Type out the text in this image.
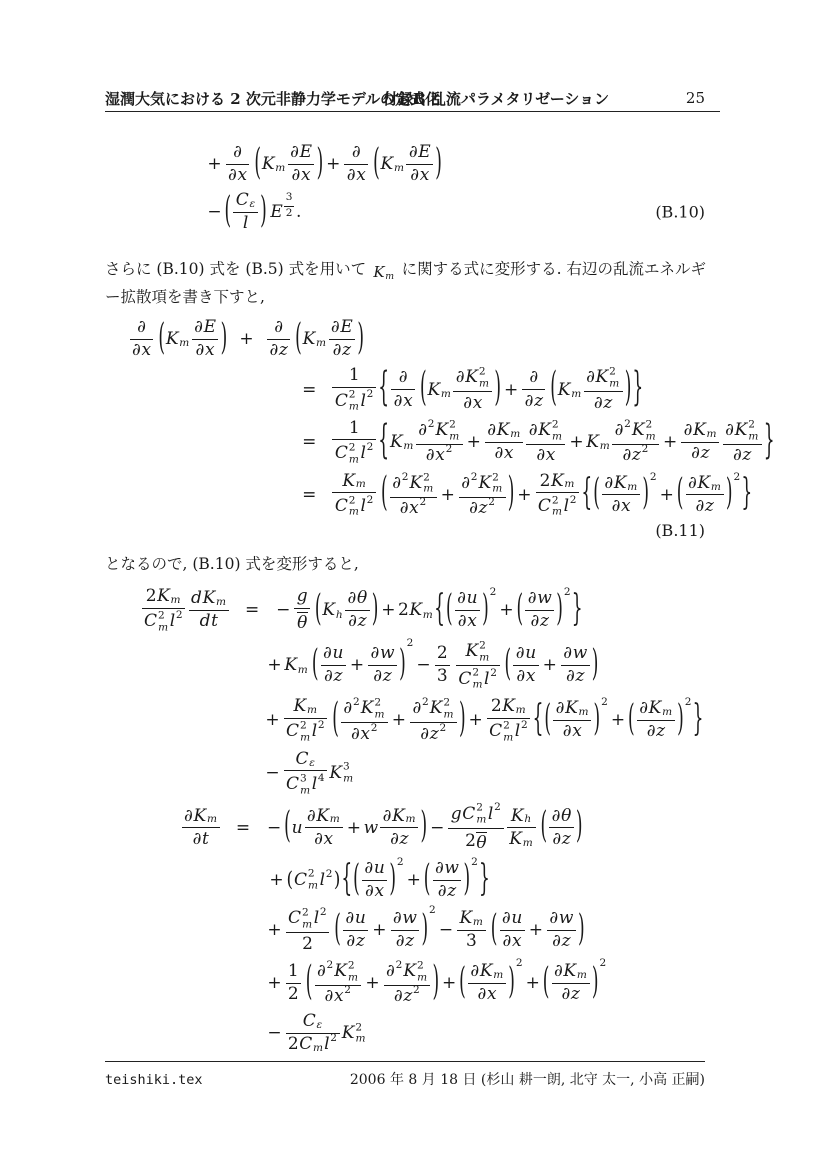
湿潤大気における 2 次元非静力学モデルの定式化
付録B 乱流パラメタリゼーション	25
+ $\frac{\partial}{\partial x}$ ( K m $\frac{\partial E}{\partial x}$ ) + $\frac{\partial}{\partial x}$ ( K m $\frac{\partial E}{\partial x}$ )
− ( $\frac{\text{C ε}}{l}$ ) E $\frac{3}{2}$ .	(B.10)

さらに (B.10) 式を (B.5) 式を用いて K m に関する式に変形する. 右辺の乱流エネルギー拡散項を書き下すと,

$\frac{\partial}{\partial x}$ ( K m $\frac{\partial E}{\partial x}$ ) + $\frac{\partial}{\partial z}$ ( K m $\frac{\partial E}{\partial z}$ )
= 1
C 2
m l 2 { $\frac{\partial}{\partial x}$ ( K m ∂ K 2
m
∂ x ) + $\frac{\partial}{\partial z}$ ( K m ∂ K 2
m
∂ z ) }
= 1
C 2
m l 2 { K m ∂ 2 K 2
m
∂ x $2 + \frac{\text{∂ K m}}{\partial x}$ ∂ K 2
m
∂ x + K m ∂ 2 K 2
m
∂ z $2 + \frac{\text{∂ K m}}{\partial z}$ ∂ K 2
m
∂ z }
= K m
C 2
m l 2 ( ∂ 2 K 2
m
∂ x 2 + ∂ 2 K 2
m
∂ z 2 ) + 2 K m
C 2
m l 2 { ( $\frac{\text{∂ K m}}{\partial x}$ ) 2
+ ( $\frac{\text{∂ K m}}{\partial z}$ ) 2 }
(B.11)

となるので, (B.10) 式を変形すると,

2 K m
C 2
m l $2 \frac{\text{d K m}}{\text{d t}}$ = − $\frac{g}{\theta}$ ( K h $\frac{\partial \theta}{\partial z}$ ) + 2 K m { ( $\frac{\partial u}{\partial x}$ ) 2
+ ( $\frac{\partial w}{\partial z}$ ) 2 }
+ K m ( $\frac{\partial u}{\partial z} + \frac{\partial w}{\partial z}$ )
2
− $\frac{2}{3}$ K 2
m
C 2
m l 2 ( $\frac{\partial u}{\partial x} + \frac{\partial w}{\partial z}$ )
+ K m
C 2
m l 2 ( ∂ 2 K 2
m
∂ x 2 + ∂ 2 K 2
m
∂ z 2 ) + 2 K m
C 2
m l 2 { ( $\frac{\text{∂ K m}}{\partial x}$ ) 2
+ ( $\frac{\text{∂ K m}}{\partial z}$ ) 2 }
− C ε
C 3
m l 4 K 3
m
$\frac{\text{∂ K m}}{\partial t}$ = − ( u $\frac{\text{∂ K m}}{\partial x} + w \frac{\text{∂ K m}}{\partial z}$ ) − g C 2
m l 2
2 θ $\frac{\text{K h}}{\text{K m}}$ ( $\frac{\partial \theta}{\partial z}$ )
+ ( C 2
m l 2 ) { ( $\frac{\partial u}{\partial x}$ ) 2
+ ( $\frac{\partial w}{\partial z}$ ) 2 }
+ C 2
m l 2
2 ( $\frac{\partial u}{\partial z} + \frac{\partial w}{\partial z}$ ) 2
− $\frac{\text{K m}}{3}$ ( $\frac{\partial u}{\partial x} + \frac{\partial w}{\partial z}$ )
+ $\frac{1}{2}$ ( ∂ 2 K 2
m
∂ x 2 + ∂ 2 K 2
m
∂ z 2 ) + ( $\frac{\text{∂ K m}}{\partial x}$ ) 2
+ ( $\frac{\text{∂ K m}}{\partial z}$ ) 2
− $\frac{\text{C ε}}{\text{2 C m l 2}}$ K 2
m
teishiki.tex	2006 年 8 月 18 日 (杉山 耕一朗, 北守 太一, 小高 正嗣)
